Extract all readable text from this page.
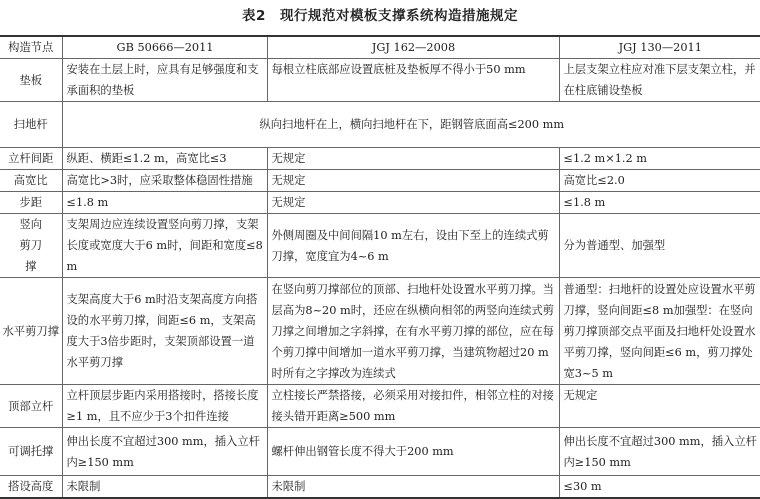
表2　现行规范对模板支撑系统构造措施规定
构造节点	GB 50666—2011	JGJ 162—2008	JGJ 130—2011
垫板	安装在土层上时，应具有足够强度和支承面积的垫板	每根立柱底部应设置底桩及垫板厚不得小于50 mm	上层支架立柱应对准下层支架立柱，并在柱底铺设垫板
扫地杆	纵向扫地杆在上，横向扫地杆在下，距钢管底面高≤200 mm		
立杆间距	纵距、横距≤1.2 m，高宽比≤3	无规定	≤1.2 m×1.2 m
高宽比	高宽比>3时，应采取整体稳固性措施	无规定	高宽比≤2.0
步距	≤1.8 m	无规定	≤1.8 m
竖向剪刀撑	支架周边应连续设置竖向剪刀撑，支架长度或宽度大于6 m时，间距和宽度≤8 m	外侧周圈及中间间隔10 m左右，设由下至上的连续式剪刀撑，宽度宜为4~6 m	分为普通型、加强型
水平剪刀撑	支架高度大于6 m时沿支架高度方向搭设的水平剪刀撑，间距≤6 m，支架高度大于3倍步距时，支架顶部设置一道水平剪刀撑	在竖向剪刀撑部位的顶部、扫地杆处设置水平剪刀撑。当层高为8~20 m时，还应在纵横向相邻的两竖向连续式剪刀撑之间增加之字斜撑，在有水平剪刀撑的部位，应在每个剪刀撑中间增加一道水平剪刀撑，当建筑物超过20 m时所有之字撑改为连续式	普通型：扫地杆的设置处应设置水平剪刀撑，竖向间距≤8 m加强型：在竖向剪刀撑顶部交点平面及扫地杆处设置水平剪刀撑，竖向间距≤6 m，剪刀撑处宽3~5 m
顶部立杆	立杆顶层步距内采用搭接时，搭接长度≥1 m，且不应少于3个扣件连接	立柱接长严禁搭接，必须采用对接扣件，相邻立柱的对接接头错开距离≥500 mm	无规定
可调托撑	伸出长度不宜超过300 mm，插入立杆内≥150 mm	螺杆伸出钢管长度不得大于200 mm	伸出长度不宜超过300 mm，插入立杆内≥150 mm
搭设高度	未限制	未限制	≤30 m
